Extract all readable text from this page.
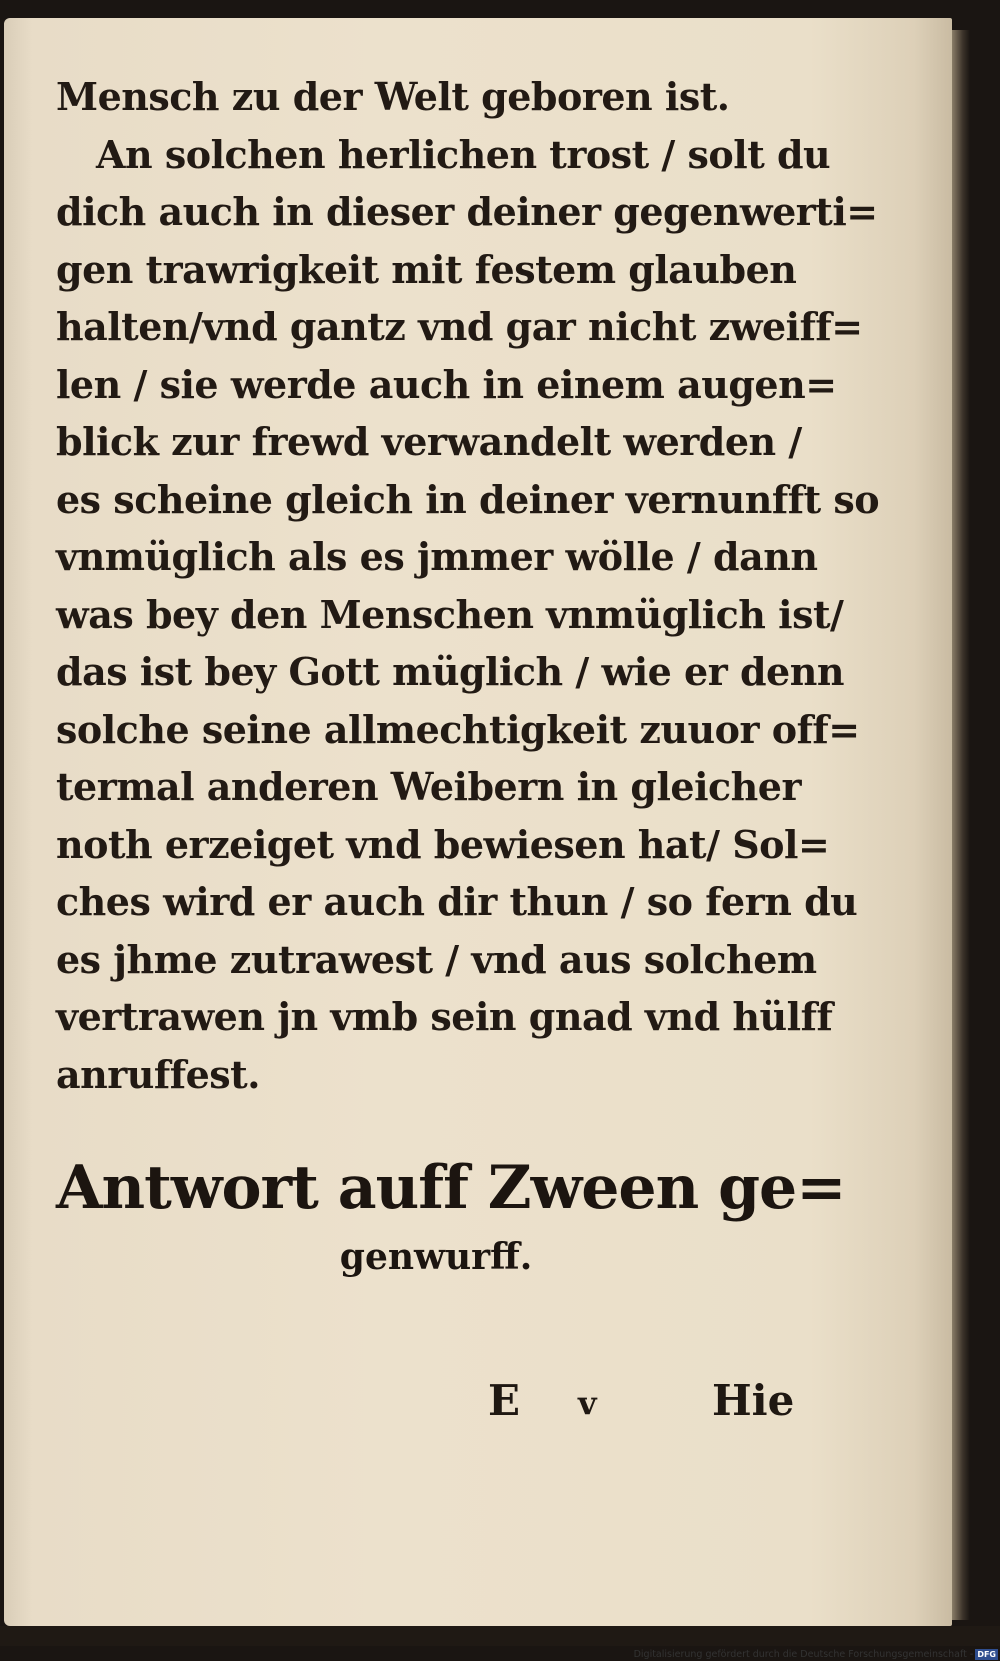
Mensch zu der Welt geboren ist.
An solchen herlichen trost / solt du
dich auch in dieser deiner gegenwerti=
gen trawrigkeit mit festem glauben
halten/vnd gantz vnd gar nicht zweiff=
len / sie werde auch in einem augen=
blick zur frewd verwandelt werden /
es scheine gleich in deiner vernunfft so
vnmüglich als es jmmer wölle / dann
was bey den Menschen vnmüglich ist/
das ist bey Gott müglich / wie er denn
solche seine allmechtigkeit zuuor off=
termal anderen Weibern in gleicher
noth erzeiget vnd bewiesen hat/ Sol=
ches wird er auch dir thun / so fern du
es jhme zutrawest / vnd aus solchem
vertrawen jn vmb sein gnad vnd hülff
anruffest.
Antwort auff Zween ge=
genwurff.
E v	Hie
Digitalisierung gefördert durch die Deutsche Forschungsgemeinschaft - DFG
